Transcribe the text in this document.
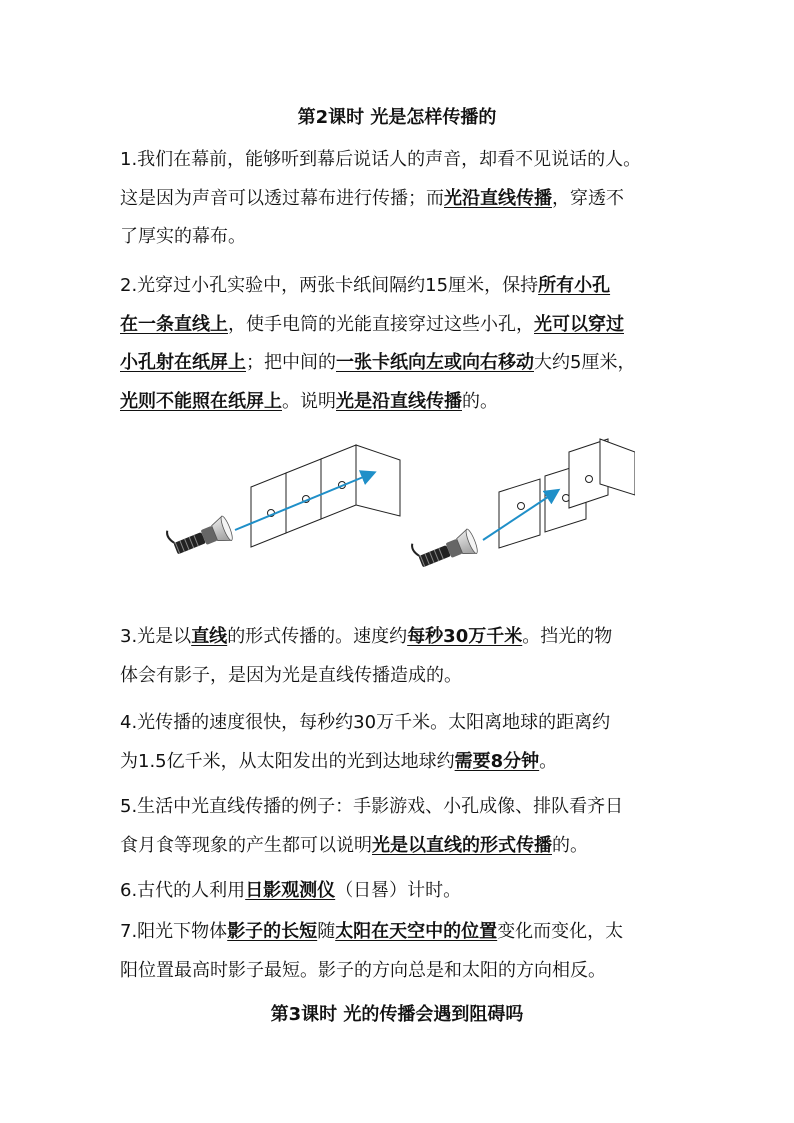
第2课时 光是怎样传播的

1.我们在幕前，能够听到幕后说话人的声音，却看不见说话的人。
这是因为声音可以透过幕布进行传播；而光沿直线传播，穿透不
了厚实的幕布。

2.光穿过小孔实验中，两张卡纸间隔约15厘米，保持所有小孔
在一条直线上，使手电筒的光能直接穿过这些小孔，光可以穿过
小孔射在纸屏上；把中间的一张卡纸向左或向右移动大约5厘米，
光则不能照在纸屏上。说明光是沿直线传播的。

3.光是以直线的形式传播的。速度约每秒30万千米。挡光的物
体会有影子，是因为光是直线传播造成的。

4.光传播的速度很快，每秒约30万千米。太阳离地球的距离约
为1.5亿千米，从太阳发出的光到达地球约需要8分钟。

5.生活中光直线传播的例子：手影游戏、小孔成像、排队看齐日
食月食等现象的产生都可以说明光是以直线的形式传播的。

6.古代的人利用日影观测仪（日晷）计时。

7.阳光下物体影子的长短随太阳在天空中的位置变化而变化，太
阳位置最高时影子最短。影子的方向总是和太阳的方向相反。

第3课时 光的传播会遇到阻碍吗
